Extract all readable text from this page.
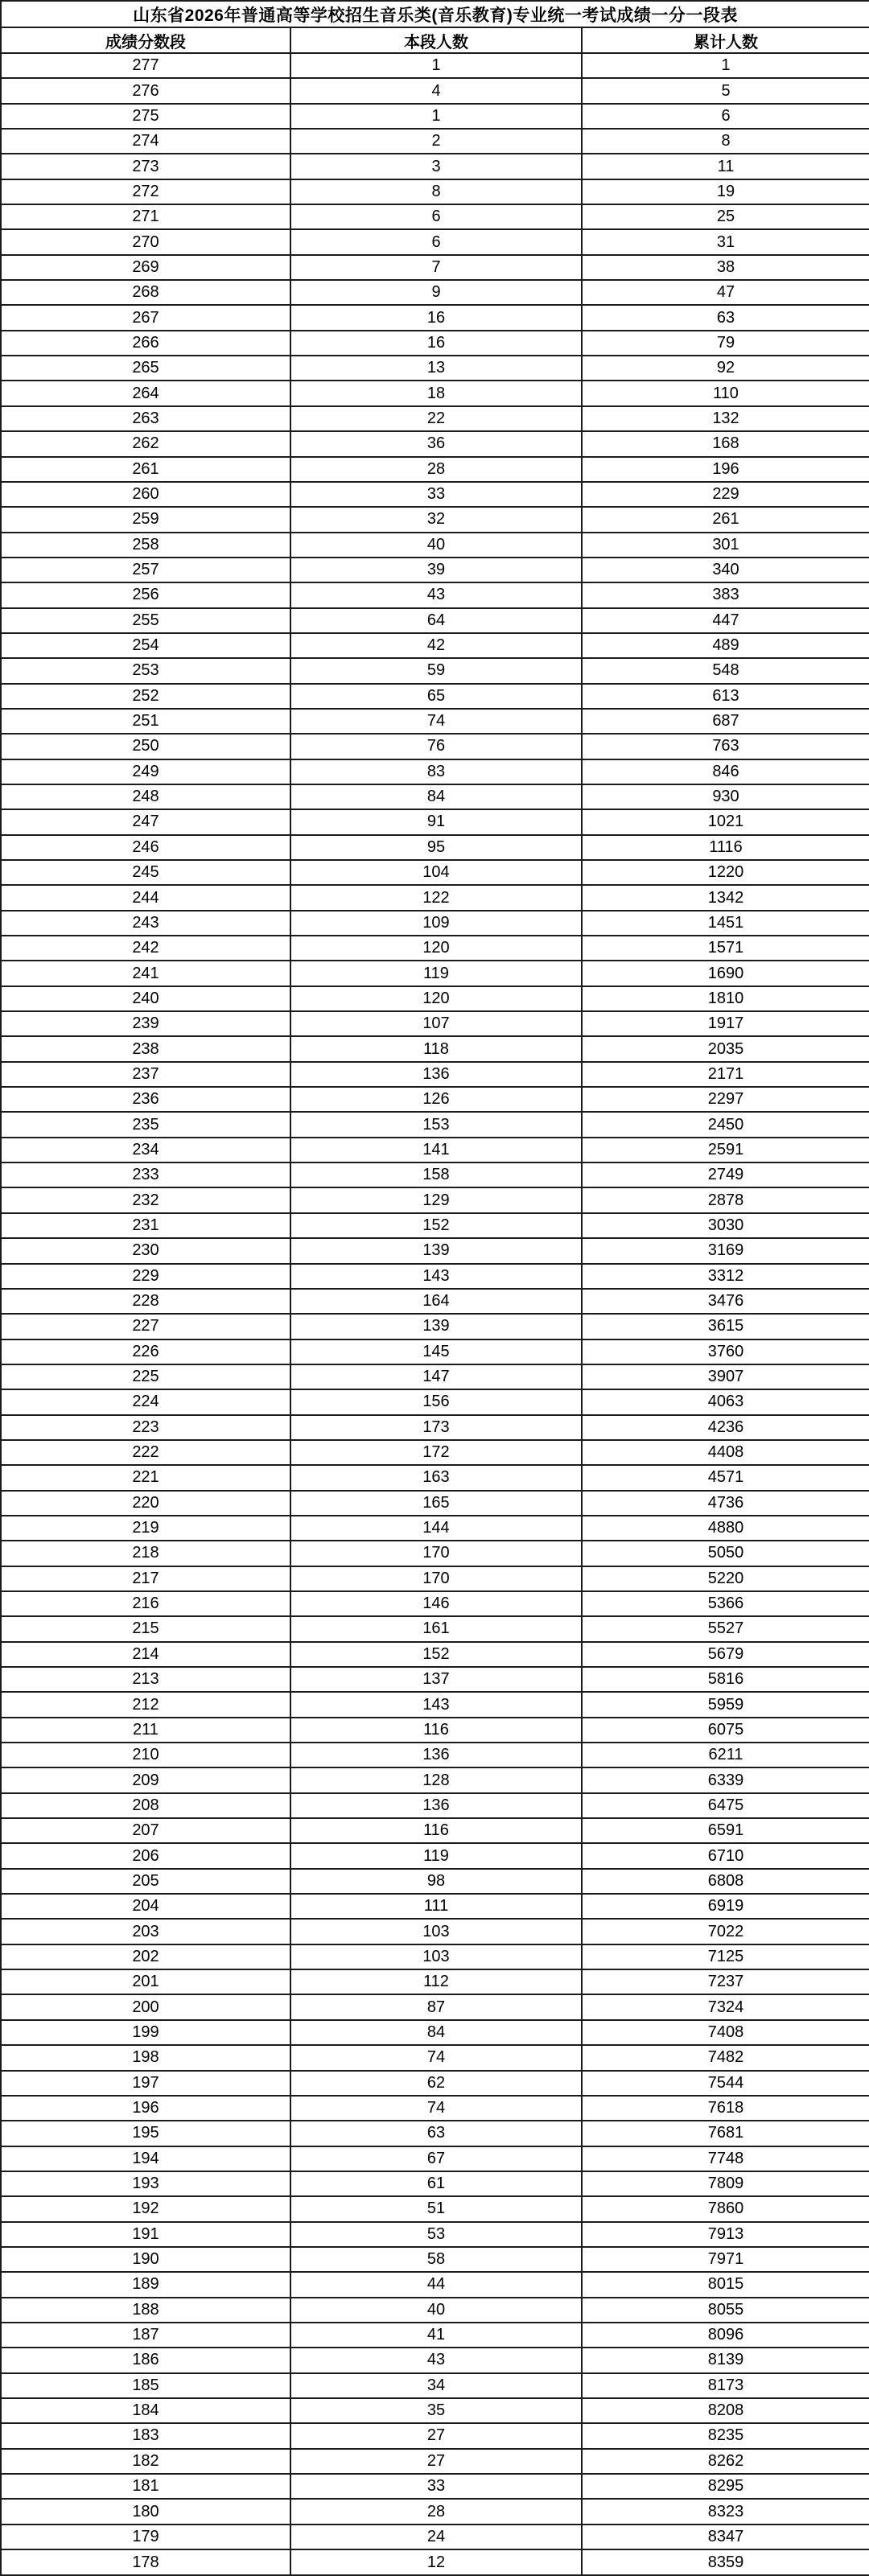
山东省2026年普通高等学校招生音乐类(音乐教育)专业统一考试成绩一分一段表		
成绩分数段	本段人数	累计人数
277	1	1
276	4	5
275	1	6
274	2	8
273	3	11
272	8	19
271	6	25
270	6	31
269	7	38
268	9	47
267	16	63
266	16	79
265	13	92
264	18	110
263	22	132
262	36	168
261	28	196
260	33	229
259	32	261
258	40	301
257	39	340
256	43	383
255	64	447
254	42	489
253	59	548
252	65	613
251	74	687
250	76	763
249	83	846
248	84	930
247	91	1021
246	95	1116
245	104	1220
244	122	1342
243	109	1451
242	120	1571
241	119	1690
240	120	1810
239	107	1917
238	118	2035
237	136	2171
236	126	2297
235	153	2450
234	141	2591
233	158	2749
232	129	2878
231	152	3030
230	139	3169
229	143	3312
228	164	3476
227	139	3615
226	145	3760
225	147	3907
224	156	4063
223	173	4236
222	172	4408
221	163	4571
220	165	4736
219	144	4880
218	170	5050
217	170	5220
216	146	5366
215	161	5527
214	152	5679
213	137	5816
212	143	5959
211	116	6075
210	136	6211
209	128	6339
208	136	6475
207	116	6591
206	119	6710
205	98	6808
204	111	6919
203	103	7022
202	103	7125
201	112	7237
200	87	7324
199	84	7408
198	74	7482
197	62	7544
196	74	7618
195	63	7681
194	67	7748
193	61	7809
192	51	7860
191	53	7913
190	58	7971
189	44	8015
188	40	8055
187	41	8096
186	43	8139
185	34	8173
184	35	8208
183	27	8235
182	27	8262
181	33	8295
180	28	8323
179	24	8347
178	12	8359
